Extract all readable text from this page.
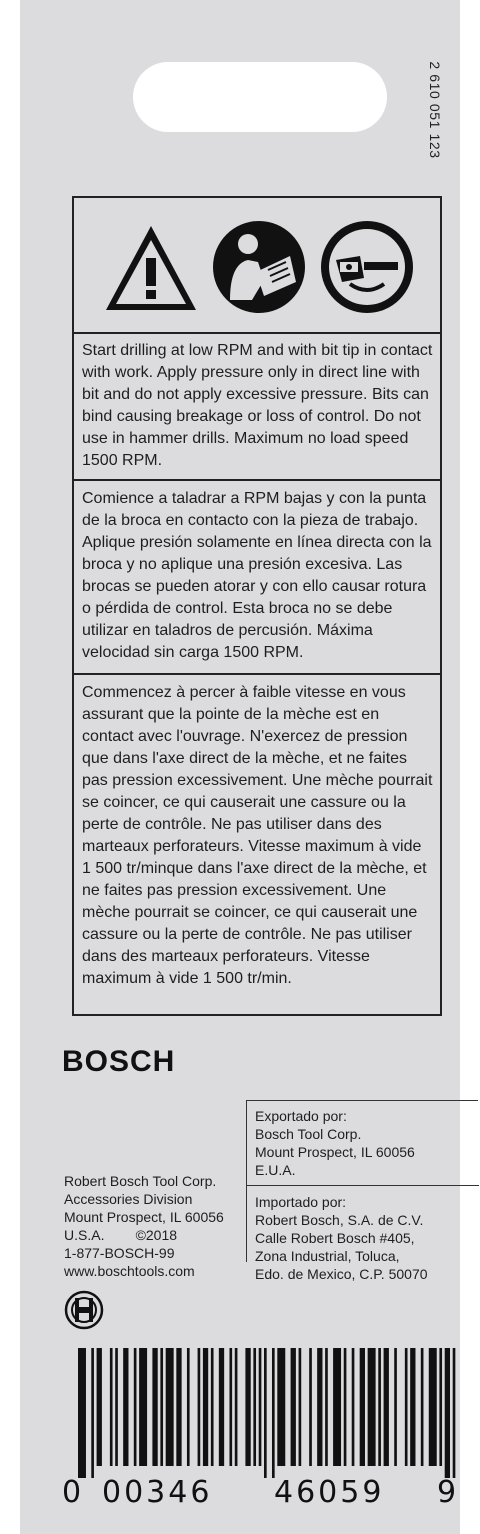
2 610 051 123
Start drilling at low RPM and with bit tip in contact with work. Apply pressure only in direct line with bit and do not apply excessive pressure. Bits can bind causing breakage or loss of control. Do not use in hammer drills. Maximum no load speed 1500 RPM.
Comience a taladrar a RPM bajas y con la punta de la broca en contacto con la pieza de trabajo. Aplique presión solamente en línea directa con la broca y no aplique una presión excesiva. Las brocas se pueden atorar y con ello causar rotura o pérdida de control. Esta broca no se debe utilizar en taladros de percusión. Máxima velocidad sin carga 1500 RPM.
Commencez à percer à faible vitesse en vous assurant que la pointe de la mèche est en contact avec l'ouvrage. N'exercez de pression que dans l'axe direct de la mèche, et ne faites pas pression excessivement. Une mèche pourrait se coincer, ce qui causerait une cassure ou la perte de contrôle. Ne pas utiliser dans des marteaux perforateurs. Vitesse maximum à vide 1 500 tr/minque dans l'axe direct de la mèche, et ne faites pas pression excessivement. Une mèche pourrait se coincer, ce qui causerait une cassure ou la perte de contrôle. Ne pas utiliser dans des marteaux perforateurs. Vitesse maximum à vide 1 500 tr/min.
BOSCH
Exportado por:
Bosch Tool Corp.
Mount Prospect, IL 60056
E.U.A.
Importado por:
Robert Bosch, S.A. de C.V.
Calle Robert Bosch #405,
Zona Industrial, Toluca,
Edo. de Mexico, C.P. 50070
Robert Bosch Tool Corp.
Accessories Division
Mount Prospect, IL 60056
U.S.A.        ©2018
1-877-BOSCH-99
www.boschtools.com
0 00346 46059 9
